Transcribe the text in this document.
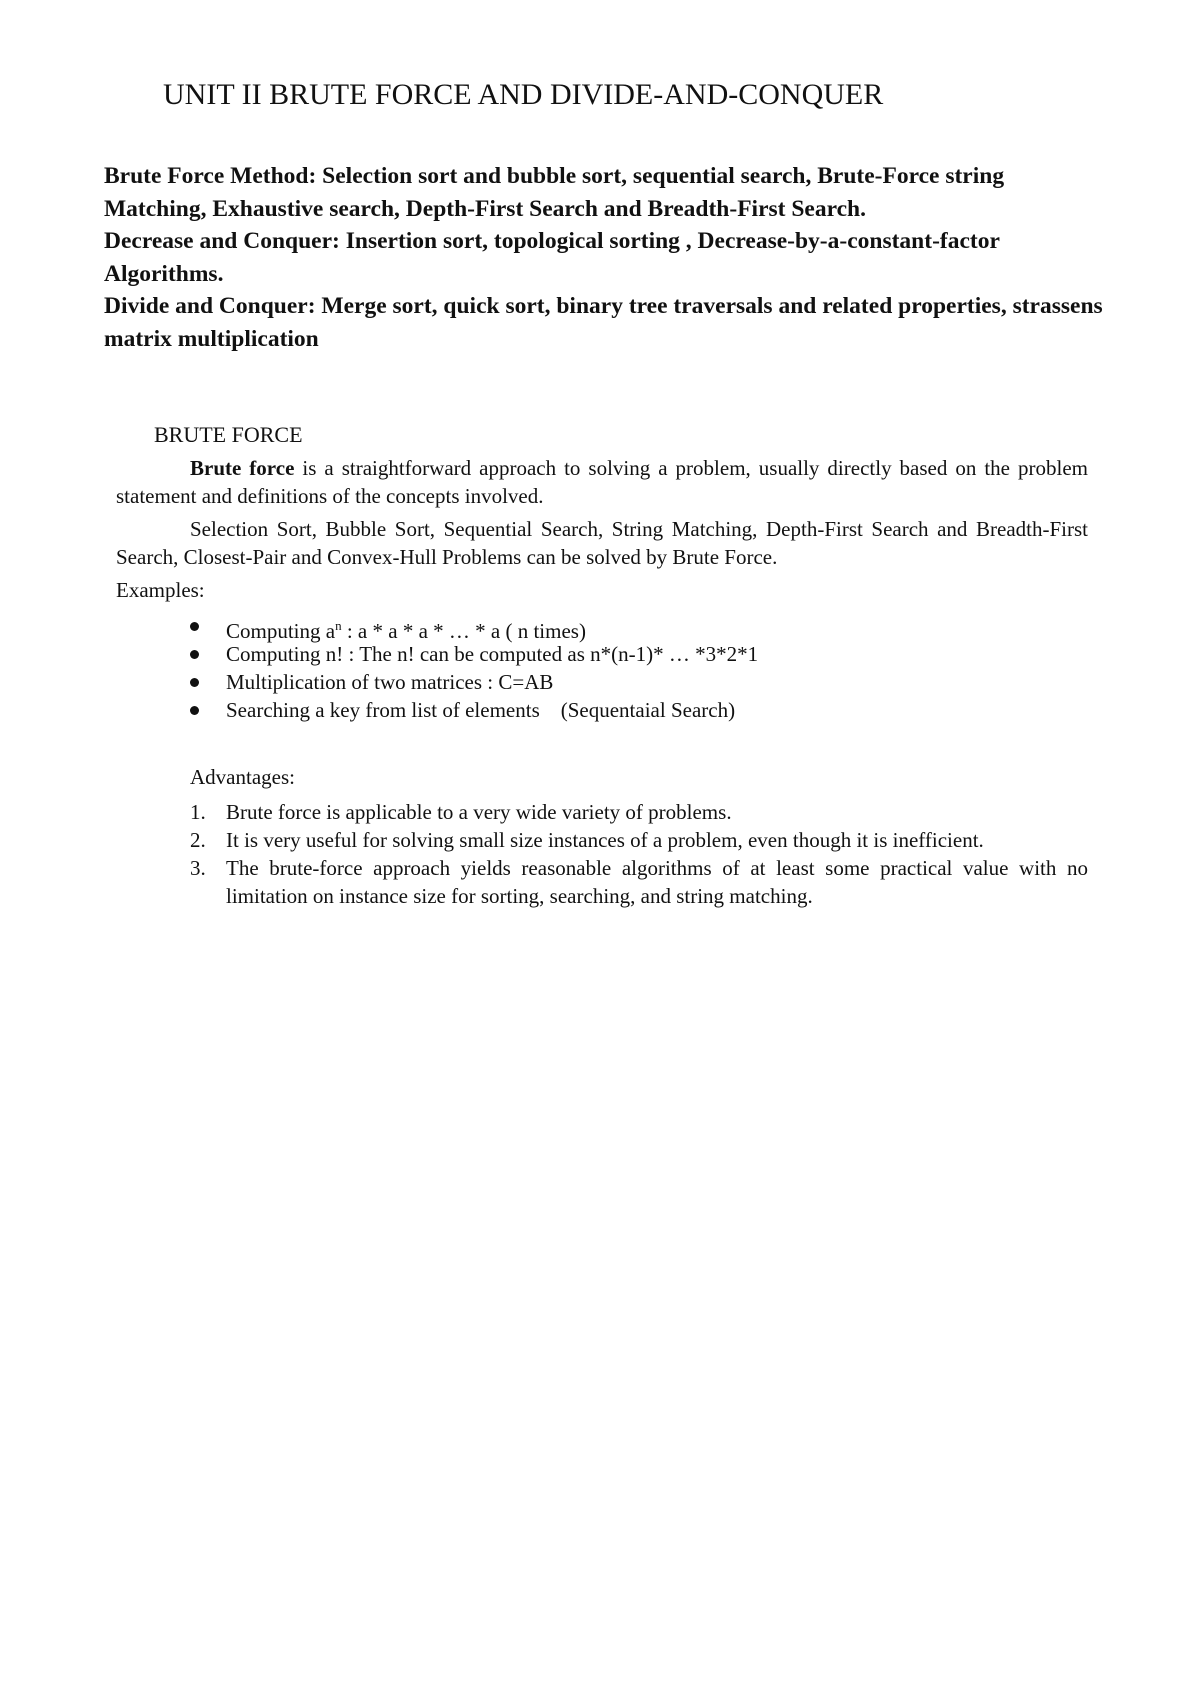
UNIT II BRUTE FORCE AND DIVIDE-AND-CONQUER

Brute Force Method: Selection sort and bubble sort, sequential search, Brute-Force string Matching, Exhaustive search, Depth-First Search and Breadth-First Search.

Decrease and Conquer: Insertion sort, topological sorting , Decrease-by-a-constant-factor Algorithms.

Divide and Conquer: Merge sort, quick sort, binary tree traversals and related properties, strassens matrix multiplication

BRUTE FORCE

Brute force is a straightforward approach to solving a problem, usually directly based on the problem statement and definitions of the concepts involved.

Selection Sort, Bubble Sort, Sequential Search, String Matching, Depth-First Search and Breadth-First Search, Closest-Pair and Convex-Hull Problems can be solved by Brute Force.

Examples:

Computing $a^n$ : a * a * a * … * a ( n times)
Computing n! : The n! can be computed as n*(n-1)* … *3*2*1
Multiplication of two matrices : C=AB
Searching a key from list of elements    (Sequentaial Search)

Advantages:

1. Brute force is applicable to a very wide variety of problems.
2. It is very useful for solving small size instances of a problem, even though it is inefficient.
3. The brute-force approach yields reasonable algorithms of at least some practical value with no limitation on instance size for sorting, searching, and string matching.
